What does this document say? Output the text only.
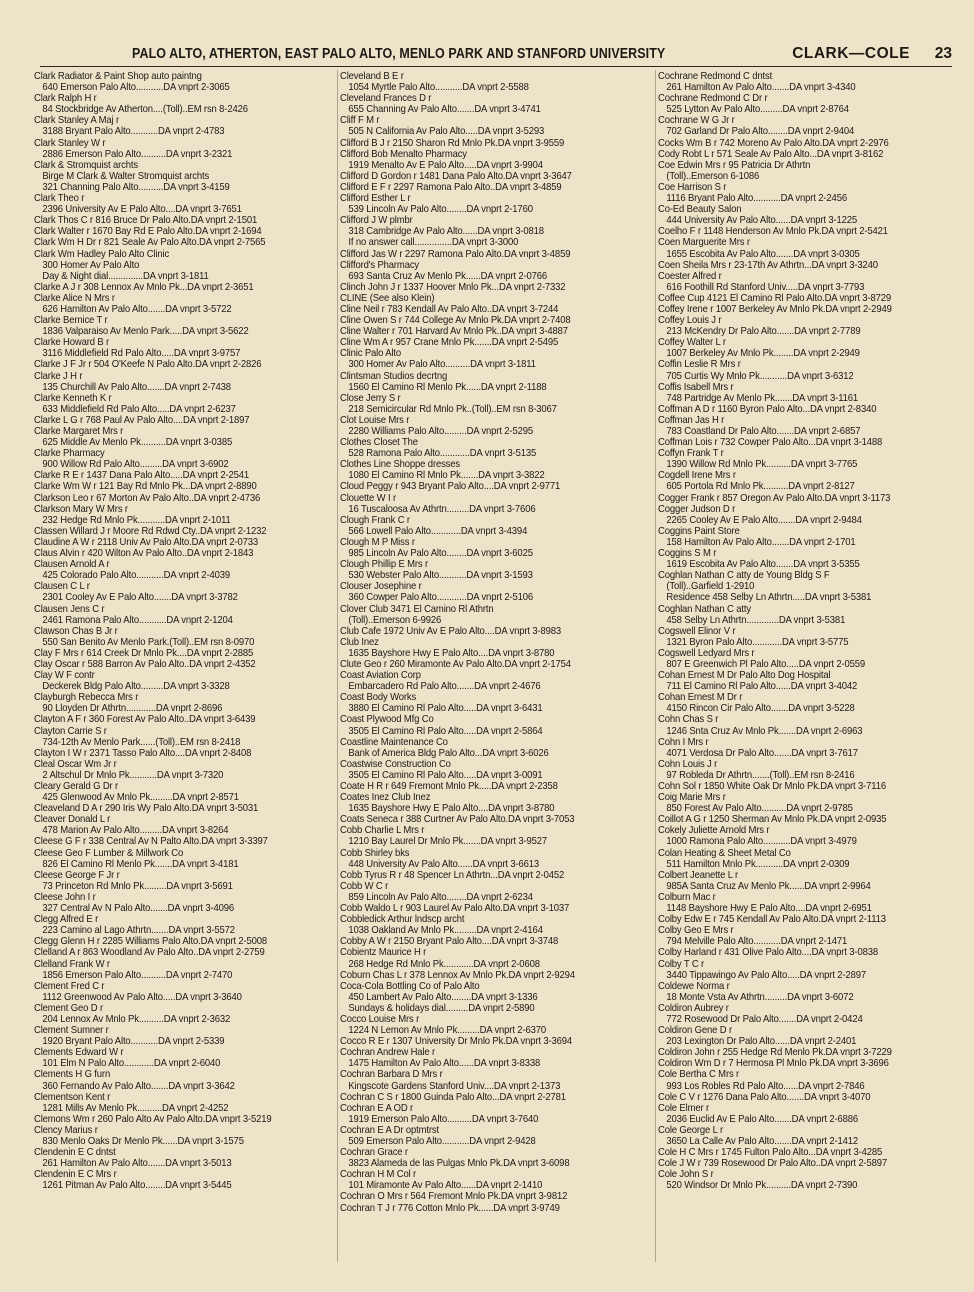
PALO ALTO, ATHERTON, EAST PALO ALTO, MENLO PARK AND STANFORD UNIVERSITY	CLARK—COLE 23
Clark Radiator & Paint Shop auto paintng
640 Emerson Palo Alto...........DA vnprt 2-3065
Clark Ralph H r
84 Stockbridge Av Atherton....(Toll)..EM rsn 8-2426
Clark Stanley A Maj r
3188 Bryant Palo Alto...........DA vnprt 2-4783
Clark Stanley W r
2886 Emerson Palo Alto..........DA vnprt 3-2321
Clark & Stromquist archts
Birge M Clark & Walter Stromquist archts
321 Channing Palo Alto..........DA vnprt 3-4159
Clark Theo r
2396 University Av E Palo Alto....DA vnprt 3-7651
Clark Thos C r 816 Bruce Dr Palo Alto.DA vnprt 2-1501
Clark Walter r 1670 Bay Rd E Palo Alto.DA vnprt 2-1694
Clark Wm H Dr r 821 Seale Av Palo Alto.DA vnprt 2-7565
Clark Wm Hadley Palo Alto Clinic
300 Homer Av Palo Alto
Day & Night dial..............DA vnprt 3-1811
Clarke A J r 308 Lennox Av Mnlo Pk...DA vnprt 2-3651
Clarke Alice N Mrs r
626 Hamilton Av Palo Alto.......DA vnprt 3-5722
Clarke Bernice T r
1836 Valparaiso Av Menlo Park.....DA vnprt 3-5622
Clarke Howard B r
3116 Middlefield Rd Palo Alto.....DA vnprt 3-9757
Clarke J F Jr r 504 O'Keefe N Palo Alto.DA vnprt 2-2826
Clarke J H r
135 Churchill Av Palo Alto.......DA vnprt 2-7438
Clarke Kenneth K r
633 Middlefield Rd Palo Alto.....DA vnprt 2-6237
Clarke L G r 768 Paul Av Palo Alto....DA vnprt 2-1897
Clarke Margaret Mrs r
625 Middle Av Menlo Pk..........DA vnprt 3-0385
Clarke Pharmacy
900 Willow Rd Palo Alto.........DA vnprt 3-6902
Clarke R E r 1437 Dana Palo Alto.....DA vnprt 2-2541
Clarke Wm W r 121 Bay Rd Mnlo Pk...DA vnprt 2-8890
Clarkson Leo r 67 Morton Av Palo Alto..DA vnprt 2-4736
Clarkson Mary W Mrs r
232 Hedge Rd Mnlo Pk...........DA vnprt 2-1011
Classen Willard J r Moore Rd Rdwd Cty..DA vnprt 2-1232
Claudine A W r 2118 Univ Av Palo Alto.DA vnprt 2-0733
Claus Alvin r 420 Wilton Av Palo Alto..DA vnprt 2-1843
Clausen Arnold A r
425 Colorado Palo Alto...........DA vnprt 2-4039
Clausen C L r
2301 Cooley Av E Palo Alto.......DA vnprt 3-3782
Clausen Jens C r
2461 Ramona Palo Alto...........DA vnprt 2-1204
Clawson Chas B Jr r
550 San Benito Av Menlo Park.(Toll)..EM rsn 8-0970
Clay F Mrs r 614 Creek Dr Mnlo Pk....DA vnprt 2-2885
Clay Oscar r 588 Barron Av Palo Alto..DA vnprt 2-4352
Clay W F contr
Deckerek Bldg Palo Alto.........DA vnprt 3-3328
Clayburgh Rebecca Mrs r
90 Lloyden Dr Athrtn............DA vnprt 2-8696
Clayton A F r 360 Forest Av Palo Alto..DA vnprt 3-6439
Clayton Carrie S r
734-12th Av Menlo Park......(Toll)..EM rsn 8-2418
Clayton I W r 2371 Tasso Palo Alto....DA vnprt 2-8408
Cleal Oscar Wm Jr r
2 Altschul Dr Mnlo Pk...........DA vnprt 3-7320
Cleary Gerald G Dr r
425 Glenwood Av Mnlo Pk.........DA vnprt 2-8571
Cleaveland D A r 290 Iris Wy Palo Alto.DA vnprt 3-5031
Cleaver Donald L r
478 Marion Av Palo Alto.........DA vnprt 3-8264
Cleese G F r 338 Central Av N Palto Alto.DA vnprt 3-3397
Cleese Geo F Lumber & Millwork Co
826 El Camino Rl Menlo Pk.......DA vnprt 3-4181
Cleese George F Jr r
73 Princeton Rd Mnlo Pk.........DA vnprt 3-5691
Cleese John I r
327 Central Av N Palo Alto.......DA vnprt 3-4096
Clegg Alfred E r
223 Camino al Lago Athrtn.......DA vnprt 3-5572
Clegg Glenn H r 2285 Williams Palo Alto.DA vnprt 2-5008
Clelland A r 863 Woodland Av Palo Alto..DA vnprt 2-2759
Clelland Frank W r
1856 Emerson Palo Alto..........DA vnprt 2-7470
Clement Fred C r
1112 Greenwood Av Palo Alto.....DA vnprt 3-3640
Clement Geo D r
204 Lennox Av Mnlo Pk..........DA vnprt 2-3632
Clement Sumner r
1920 Bryant Palo Alto...........DA vnprt 2-5339
Clements Edward W r
101 Elm N Palo Alto............DA vnprt 2-6040
Clements H G furn
360 Fernando Av Palo Alto.......DA vnprt 3-3642
Clementson Kent r
1281 Mills Av Menlo Pk..........DA vnprt 2-4252
Clemons Wm r 260 Palo Alto Av Palo Alto.DA vnprt 3-5219
Clency Marius r
830 Menlo Oaks Dr Menlo Pk......DA vnprt 3-1575
Clendenin E C dntst
261 Hamilton Av Palo Alto.......DA vnprt 3-5013
Clendenin E C Mrs r
1261 Pitman Av Palo Alto........DA vnprt 3-5445
Cleveland B E r
1054 Myrtle Palo Alto...........DA vnprt 2-5588
Cleveland Frances D r
655 Channing Av Palo Alto.......DA vnprt 3-4741
Cliff F M r
505 N California Av Palo Alto.....DA vnprt 3-5293
Clifford B J r 2150 Sharon Rd Mnlo Pk.DA vnprt 3-9559
Clifford Bob Menalto Pharmacy
1919 Menalto Av E Palo Alto.....DA vnprt 3-9904
Clifford D Gordon r 1481 Dana Palo Alto.DA vnprt 3-3647
Clifford E F r 2297 Ramona Palo Alto..DA vnprt 3-4859
Clifford Esther L r
539 Lincoln Av Palo Alto........DA vnprt 2-1760
Clifford J W plmbr
318 Cambridge Av Palo Alto......DA vnprt 3-0818
If no answer call...............DA vnprt 3-3000
Clifford Jas W r 2297 Ramona Palo Alto.DA vnprt 3-4859
Clifford's Pharmacy
693 Santa Cruz Av Menlo Pk......DA vnprt 2-0766
Clinch John J r 1337 Hoover Mnlo Pk...DA vnprt 2-7332
CLINE (See also Klein)
Cline Neil r 783 Kendall Av Palo Alto..DA vnprt 3-7244
Cline Owen S r 744 College Av Mnlo Pk.DA vnprt 2-7408
Cline Walter r 701 Harvard Av Mnlo Pk..DA vnprt 3-4887
Cline Wm A r 957 Crane Mnlo Pk.......DA vnprt 2-5495
Clinic Palo Alto
300 Homer Av Palo Alto..........DA vnprt 3-1811
Clintsman Studios decrtng
1560 El Camino Rl Menlo Pk......DA vnprt 2-1188
Close Jerry S r
218 Semicircular Rd Mnlo Pk..(Toll)..EM rsn 8-3067
Clot Louise Mrs r
2280 Williams Palo Alto.........DA vnprt 2-5295
Clothes Closet The
528 Ramona Palo Alto............DA vnprt 3-5135
Clothes Line Shoppe dresses
1080 El Camino Rl Mnlo Pk.......DA vnprt 3-3822
Cloud Peggy r 943 Bryant Palo Alto....DA vnprt 2-9771
Clouette W I r
16 Tuscaloosa Av Athrtn.........DA vnprt 3-7606
Clough Frank C r
566 Lowell Palo Alto............DA vnprt 3-4394
Clough M P Miss r
985 Lincoln Av Palo Alto........DA vnprt 3-6025
Clough Phillip E Mrs r
530 Webster Palo Alto...........DA vnprt 3-1593
Clouser Josephine r
360 Cowper Palo Alto............DA vnprt 2-5106
Clover Club 3471 El Camino Rl Athrtn
(Toll)..Emerson 6-9926
Club Cafe 1972 Univ Av E Palo Alto....DA vnprt 3-8983
Club Inez
1635 Bayshore Hwy E Palo Alto....DA vnprt 3-8780
Clute Geo r 260 Miramonte Av Palo Alto.DA vnprt 2-1754
Coast Aviation Corp
Embarcadero Rd Palo Alto.......DA vnprt 2-4676
Coast Body Works
3880 El Camino Rl Palo Alto.....DA vnprt 3-6431
Coast Plywood Mfg Co
3505 El Camino Rl Palo Alto.....DA vnprt 2-5864
Coastline Maintenance Co
Bank of America Bldg Palo Alto...DA vnprt 3-6026
Coastwise Construction Co
3505 El Camino Rl Palo Alto.....DA vnprt 3-0091
Coate H R r 649 Fremont Mnlo Pk.....DA vnprt 2-2358
Coates Inez Club Inez
1635 Bayshore Hwy E Palo Alto....DA vnprt 3-8780
Coats Seneca r 388 Curtner Av Palo Alto.DA vnprt 3-7053
Cobb Charlie L Mrs r
1210 Bay Laurel Dr Mnlo Pk.......DA vnprt 3-9527
Cobb Shirley bks
448 University Av Palo Alto......DA vnprt 3-6613
Cobb Tyrus R r 48 Spencer Ln Athrtn...DA vnprt 2-0452
Cobb W C r
859 Lincoln Av Palo Alto........DA vnprt 2-6234
Cobb Waldo L r 903 Laurel Av Palo Alto.DA vnprt 3-1037
Cobbledick Arthur lndscp archt
1038 Oakland Av Mnlo Pk.........DA vnprt 2-4164
Cobby A W r 2150 Bryant Palo Alto....DA vnprt 3-3748
Cobientz Maurice H r
268 Hedge Rd Mnlo Pk............DA vnprt 2-0608
Coburn Chas L r 378 Lennox Av Mnlo Pk.DA vnprt 2-9294
Coca-Cola Bottling Co of Palo Alto
450 Lambert Av Palo Alto........DA vnprt 3-1336
Sundays & holidays dial.........DA vnprt 2-5890
Cocco Louise Mrs r
1224 N Lemon Av Mnlo Pk.........DA vnprt 2-6370
Cocco R E r 1307 University Dr Mnlo Pk.DA vnprt 3-3694
Cochran Andrew Hale r
1475 Hamilton Av Palo Alto......DA vnprt 3-8338
Cochran Barbara D Mrs r
Kingscote Gardens Stanford Univ....DA vnprt 2-1373
Cochran C S r 1800 Guinda Palo Alto...DA vnprt 2-2781
Cochran E A OD r
1919 Emerson Palo Alto..........DA vnprt 3-7640
Cochran E A Dr optmtrst
509 Emerson Palo Alto...........DA vnprt 2-9428
Cochran Grace r
3823 Alameda de las Pulgas Mnlo Pk.DA vnprt 3-6098
Cochran H M Col r
101 Miramonte Av Palo Alto......DA vnprt 2-1410
Cochran O Mrs r 564 Fremont Mnlo Pk.DA vnprt 3-9812
Cochran T J r 776 Cotton Mnlo Pk......DA vnprt 3-9749
Cochrane Redmond C dntst
261 Hamilton Av Palo Alto.......DA vnprt 3-4340
Cochrane Redmond C Dr r
525 Lytton Av Palo Alto.........DA vnprt 2-8764
Cochrane W G Jr r
702 Garland Dr Palo Alto........DA vnprt 2-9404
Cocks Wm B r 742 Moreno Av Palo Alto.DA vnprt 2-2976
Cody Robt L r 571 Seale Av Palo Alto...DA vnprt 3-8162
Coe Edwin Mrs r 95 Patricia Dr Athrtn
(Toll)..Emerson 6-1086
Coe Harrison S r
1116 Bryant Palo Alto...........DA vnprt 2-2456
Co-Ed Beauty Salon
444 University Av Palo Alto......DA vnprt 3-1225
Coelho F r 1148 Henderson Av Mnlo Pk.DA vnprt 2-5421
Coen Marguerite Mrs r
1655 Escobita Av Palo Alto.......DA vnprt 3-0305
Coen Sheila Mrs r 23-17th Av Athrtn...DA vnprt 3-3240
Coester Alfred r
616 Foothill Rd Stanford Univ.....DA vnprt 3-7793
Coffee Cup 4121 El Camino Rl Palo Alto.DA vnprt 3-8729
Coffey Irene r 1007 Berkeley Av Mnlo Pk.DA vnprt 2-2949
Coffey Louis J r
213 McKendry Dr Palo Alto.......DA vnprt 2-7789
Coffey Walter L r
1007 Berkeley Av Mnlo Pk........DA vnprt 2-2949
Coffin Leslie R Mrs r
705 Curtis Wy Mnlo Pk...........DA vnprt 3-6312
Coffis Isabell Mrs r
748 Partridge Av Menlo Pk.......DA vnprt 3-1161
Coffman A D r 1160 Byron Palo Alto...DA vnprt 2-8340
Coffman Jas H r
783 Coastland Dr Palo Alto.......DA vnprt 2-6857
Coffman Lois r 732 Cowper Palo Alto...DA vnprt 3-1488
Coffyn Frank T r
1390 Willow Rd Mnlo Pk..........DA vnprt 3-7765
Cogdell Irene Mrs r
605 Portola Rd Mnlo Pk..........DA vnprt 2-8127
Cogger Frank r 857 Oregon Av Palo Alto.DA vnprt 3-1173
Cogger Judson D r
2265 Cooley Av E Palo Alto.......DA vnprt 2-9484
Coggins Paint Store
158 Hamilton Av Palo Alto.......DA vnprt 2-1701
Coggins S M r
1619 Escobita Av Palo Alto.......DA vnprt 3-5355
Coghlan Nathan C atty de Young Bldg S F
(Toll)..Garfield 1-2910
Residence 458 Selby Ln Athrtn.....DA vnprt 3-5381
Coghlan Nathan C atty
458 Selby Ln Athrtn.............DA vnprt 3-5381
Cogswell Elinor V r
1321 Byron Palo Alto............DA vnprt 3-5775
Cogswell Ledyard Mrs r
807 E Greenwich Pl Palo Alto.....DA vnprt 2-0559
Cohan Ernest M Dr Palo Alto Dog Hospital
711 El Camino Rl Palo Alto......DA vnprt 3-4042
Cohan Ernest M Dr r
4150 Rincon Cir Palo Alto.......DA vnprt 3-5228
Cohn Chas S r
1246 Snta Cruz Av Mnlo Pk.......DA vnprt 2-6963
Cohn I Mrs r
4071 Verdosa Dr Palo Alto.......DA vnprt 3-7617
Cohn Louis J r
97 Robleda Dr Athrtn.......(Toll)..EM rsn 8-2416
Cohn Sol r 1850 White Oak Dr Mnlo Pk.DA vnprt 3-7116
Coig Marie Mrs r
850 Forest Av Palo Alto..........DA vnprt 2-9785
Coillot A G r 1250 Sherman Av Mnlo Pk.DA vnprt 2-0935
Cokely Juliette Arnold Mrs r
1000 Ramona Palo Alto...........DA vnprt 3-4979
Colan Heating & Sheet Metal Co
511 Hamilton Mnlo Pk...........DA vnprt 2-0309
Colbert Jeanette L r
985A Santa Cruz Av Menlo Pk......DA vnprt 2-9964
Colburn Mac r
1148 Bayshore Hwy E Palo Alto....DA vnprt 2-6951
Colby Edw E r 745 Kendall Av Palo Alto.DA vnprt 2-1113
Colby Geo E Mrs r
794 Melville Palo Alto...........DA vnprt 2-1471
Colby Harland r 431 Olive Palo Alto....DA vnprt 3-0838
Colby T C r
3440 Tippawingo Av Palo Alto.....DA vnprt 2-2897
Coldewe Norma r
18 Monte Vsta Av Athrtn.........DA vnprt 3-6072
Coldiron Aubrey r
772 Rosewood Dr Palo Alto.......DA vnprt 2-0424
Coldiron Gene D r
203 Lexington Dr Palo Alto......DA vnprt 2-2401
Coldiron John r 255 Hedge Rd Menlo Pk.DA vnprt 3-7229
Coldiron Wm D r 7 Hermosa Pl Mnlo Pk.DA vnprt 3-3696
Cole Bertha C Mrs r
993 Los Robles Rd Palo Alto......DA vnprt 2-7846
Cole C V r 1276 Dana Palo Alto.......DA vnprt 3-4070
Cole Elmer r
2036 Euclid Av E Palo Alto.......DA vnprt 2-6886
Cole George L r
3650 La Calle Av Palo Alto.......DA vnprt 2-1412
Cole H C Mrs r 1745 Fulton Palo Alto...DA vnprt 3-4285
Cole J W r 739 Rosewood Dr Palo Alto..DA vnprt 2-5897
Cole John S r
520 Windsor Dr Mnlo Pk..........DA vnprt 2-7390
